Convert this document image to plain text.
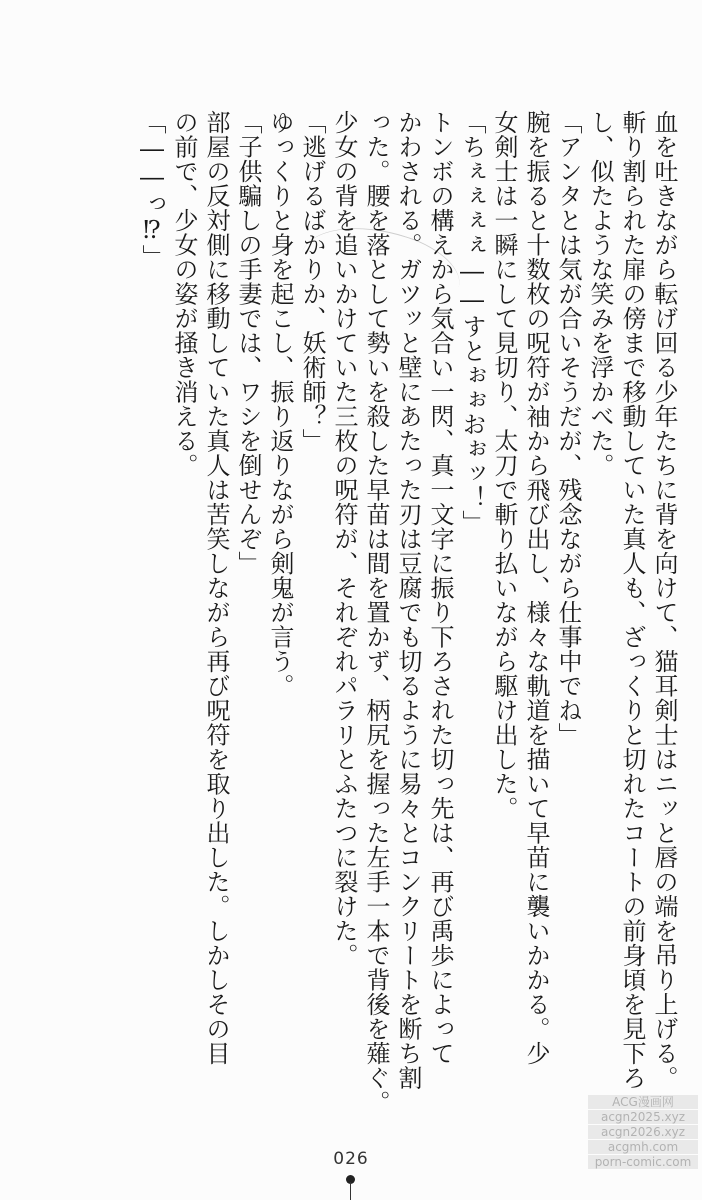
血を吐きながら転げ回る少年たちに背を向けて、猫耳剣士はニッと唇の端を吊り上げる。
斬り割られた扉の傍まで移動していた真人も、ざっくりと切れたコートの前身頃を見下ろ
し、似たような笑みを浮かべた。
「アンタとは気が合いそうだが、残念ながら仕事中でね」
腕を振ると十数枚の呪符が袖から飛び出し、様々な軌道を描いて早苗に襲いかかる。少
女剣士は一瞬にして見切り、太刀で斬り払いながら駆け出した。
「ちぇぇぇぇ――すとぉぉおぉッ！」
トンボの構えから気合い一閃、真一文字に振り下ろされた切っ先は、再び禹歩によって
かわされる。ガツッと壁にあたった刃は豆腐でも切るように易々とコンクリートを断ち割
った。腰を落として勢いを殺した早苗は間を置かず、柄尻を握った左手一本で背後を薙ぐ。
少女の背を追いかけていた三枚の呪符が、それぞれパラリとふたつに裂けた。
「逃げるばかりか、妖術師？」
ゆっくりと身を起こし、振り返りながら剣鬼が言う。
「子供騙しの手妻では、ワシを倒せんぞ」
部屋の反対側に移動していた真人は苦笑しながら再び呪符を取り出した。しかしその目
の前で、少女の姿が掻き消える。
「――っ⁉」
026
ACG漫画网
acgn2025.xyz
acgn2026.xyz
acgmh.com
porn-comic.com
